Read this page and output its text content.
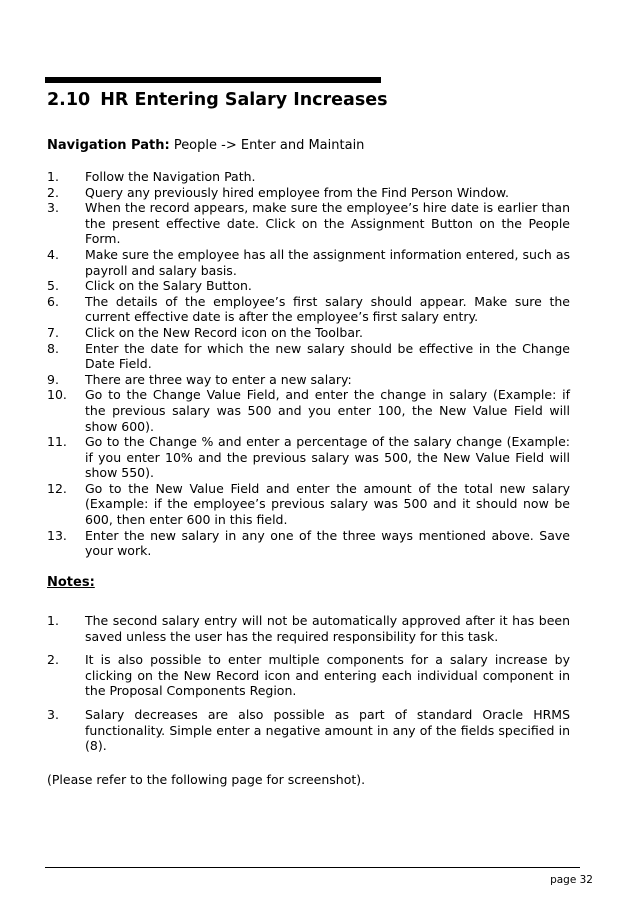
2.10 HR Entering Salary Increases
Navigation Path: People -> Enter and Maintain
1.	Follow the Navigation Path.
2.	Query any previously hired employee from the Find Person Window.
3.	When the record appears, make sure the employee’s hire date is earlier than the present effective date. Click on the Assignment Button on the People Form.
4.	Make sure the employee has all the assignment information entered, such as payroll and salary basis.
5.	Click on the Salary Button.
6.	The details of the employee’s first salary should appear. Make sure the current effective date is after the employee’s first salary entry.
7.	Click on the New Record icon on the Toolbar.
8.	Enter the date for which the new salary should be effective in the Change Date Field.
9.	There are three way to enter a new salary:
10.	Go to the Change Value Field, and enter the change in salary (Example: if the previous salary was 500 and you enter 100, the New Value Field will show 600).
11.	Go to the Change % and enter a percentage of the salary change (Example: if you enter 10% and the previous salary was 500, the New Value Field will show 550).
12.	Go to the New Value Field and enter the amount of the total new salary (Example: if the employee’s previous salary was 500 and it should now be 600, then enter 600 in this field.
13.	Enter the new salary in any one of the three ways mentioned above. Save your work.
Notes:
1.	The second salary entry will not be automatically approved after it has been saved unless the user has the required responsibility for this task.
2.	It is also possible to enter multiple components for a salary increase by clicking on the New Record icon and entering each individual component in the Proposal Components Region.
3.	Salary decreases are also possible as part of standard Oracle HRMS functionality. Simple enter a negative amount in any of the fields specified in (8).
(Please refer to the following page for screenshot).
page 32
